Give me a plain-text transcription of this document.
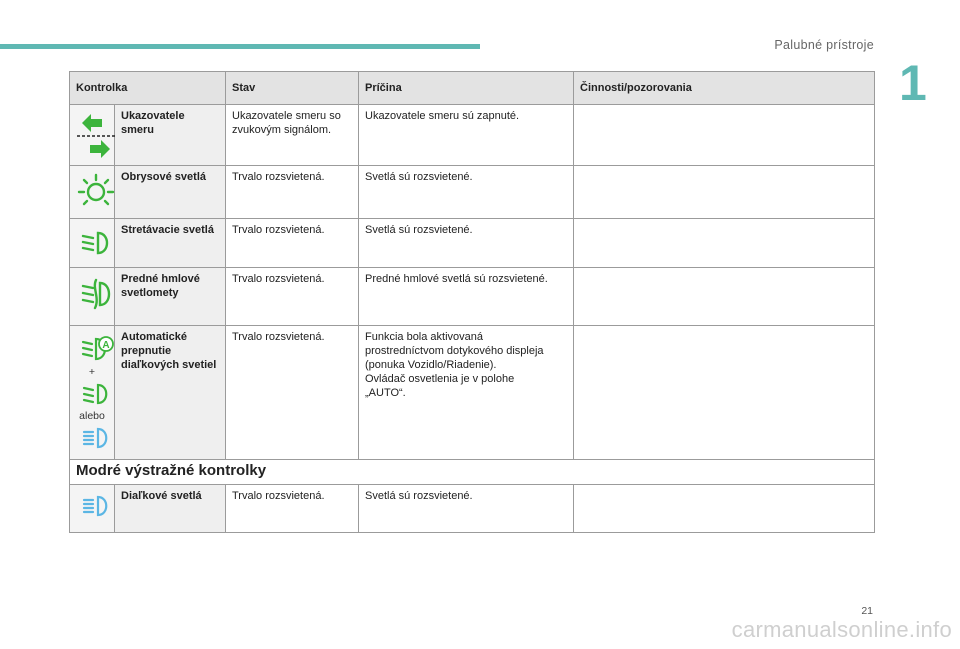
Palubné prístroje
1
Kontrolka		Stav	Príčina	Činnosti/pozorovania

	Ukazovatele smeru	Ukazovatele smeru so zvukovým signálom.	Ukazovatele smeru sú zapnuté.	

	Obrysové svetlá	Trvalo rozsvietená.	Svetlá sú rozsvietené.	

	Stretávacie svetlá	Trvalo rozsvietená.	Svetlá sú rozsvietené.	

	Predné hmlové svetlomety	Trvalo rozsvietená.	Predné hmlové svetlá sú rozsvietené.	

A
+
alebo	Automatické prepnutie diaľkových svetiel	Trvalo rozsvietená.	Funkcia bola aktivovaná
prostredníctvom dotykového displeja
(ponuka Vozidlo/Riadenie).
Ovládač osvetlenia je v polohe
„AUTO“.	
Modré výstražné kontrolky				

	Diaľkové svetlá	Trvalo rozsvietená.	Svetlá sú rozsvietené.	
21
carmanualsonline.info
